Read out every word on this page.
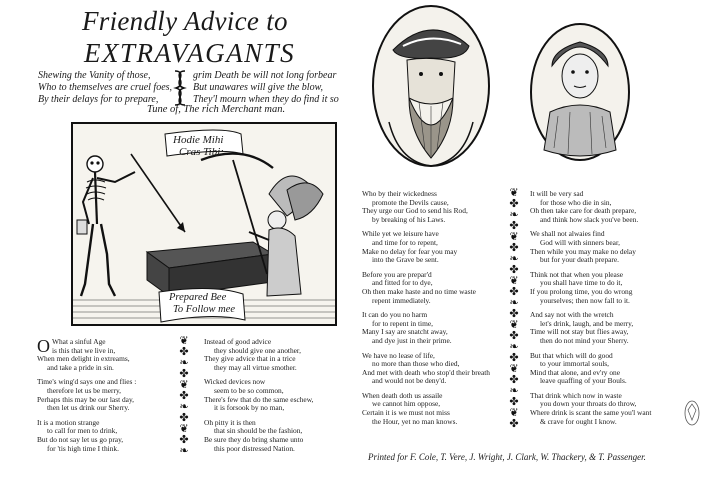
Friendly Advice to
EXTRAVAGANTS
Shewing the Vanity of those,
Who to themselves are cruel foes,
By their delays for to prepare,
grim Death be will not long forbear
But unawares will give the blow,
They'l mourn when they do find it so
Tune of, The rich Merchant man.
Hodie Mihi
Cras Tibi:
Prepared Bee
To Follow mee
O What a sinful Age
is this that we live in,
When men delight in extreams,
and take a pride in sin.
Time's wing'd says one and flies :
therefore let us be merry,
Perhaps this may be our last day,
then let us drink our Sherry.
It is a motion strange
to call for men to drink,
But do not say let us go pray,
for 'tis high time I think.
❦
✤
❧
✤
❦
✤
❧
✤
❦
✤
❧
Instead of good advice
they should give one another,
They give advice that in a trice
they may all virtue smother.
Wicked devices now
seem to be so common,
There's few that do the same eschew,
it is forsook by no man,
Oh pitty it is then
that sin should be the fashion,
Be sure they do bring shame unto
this poor distressed Nation.
Who by their wickedness
promote the Devils cause,
They urge our God to send his Rod,
by breaking of his Laws.
While yet we leisure have
and time for to repent,
Make no delay for fear you may
into the Grave be sent.
Before you are prepar'd
and fitted for to dye,
Oh then make haste and no time waste
repent immediately.
It can do you no harm
for to repent in time,
Many I say are snatcht away,
and dye just in their prime.
We have no lease of life,
no more than those who died,
And met with death who stop'd their breath
and would not be deny'd.
When death doth us assaile
we cannot him oppose,
Certain it is we must not miss
the Hour, yet no man knows.
❦
✤
❧
✤
❦
✤
❧
✤
❦
✤
❧
✤
❦
✤
❧
✤
❦
✤
❧
✤
❦
✤
It will be very sad
for those who die in sin,
Oh then take care for death prepare,
and think how slack you've been.
We shall not alwaies find
God will with sinners bear,
Then while you may make no delay
but for your death prepare.
Think not that when you please
you shall have time to do it,
If you prolong time, you do wrong
yourselves; then now fall to it.
And say not with the wretch
let's drink, laugh, and be merry,
Time will not stay but flies away,
then do not mind your Sherry.
But that which will do good
to your immortal souls,
Mind that alone, and ev'ry one
leave quaffing of your Bouls.
That drink which now in waste
you down your throats do throw,
Where drink is scant the same you'l want
& crave for ought I know.
Printed for F. Cole, T. Vere, J. Wright, J. Clark, W. Thackery, & T. Passenger.
